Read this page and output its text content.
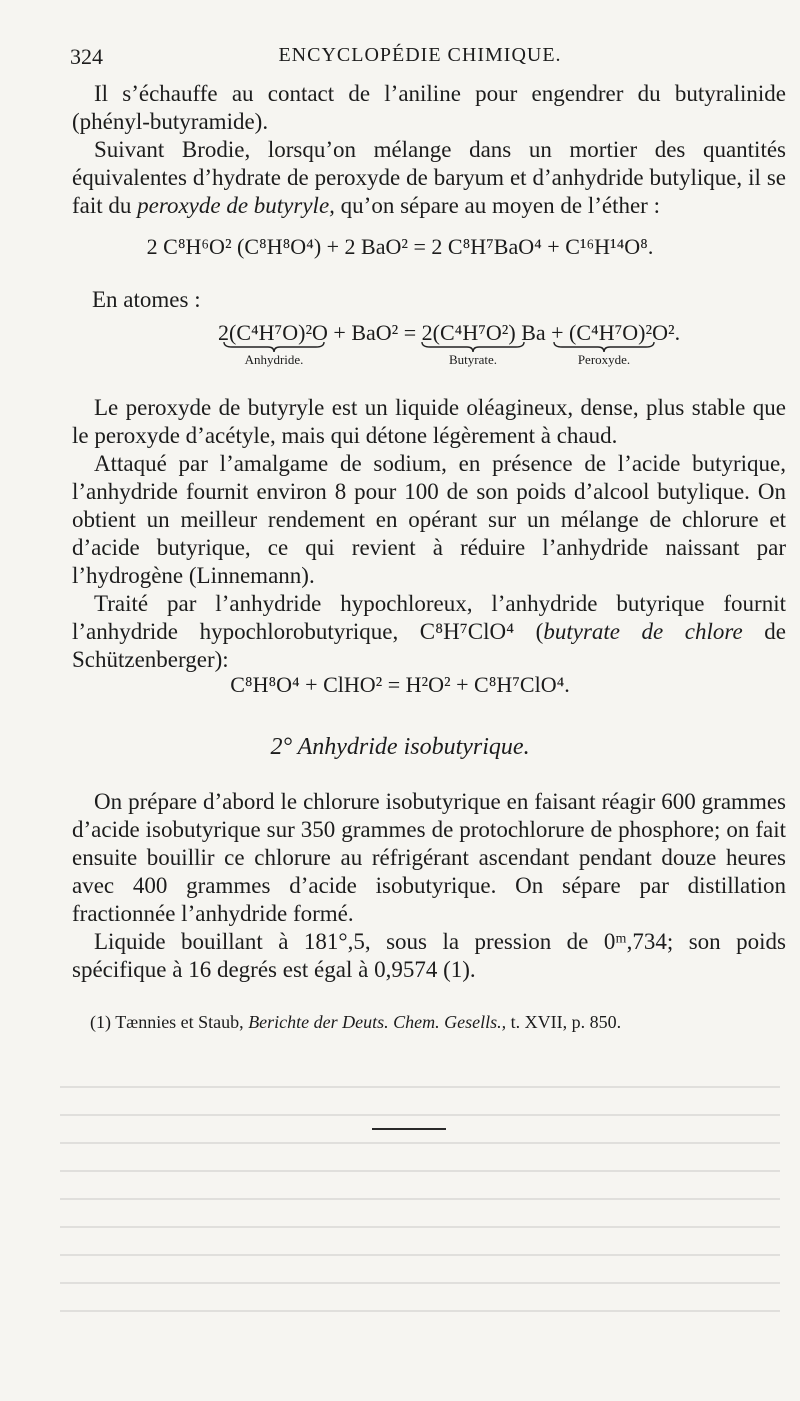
324	ENCYCLOPÉDIE CHIMIQUE.

Il s’échauffe au contact de l’aniline pour engendrer du butyralinide (phényl-butyramide).

Suivant Brodie, lorsqu’on mélange dans un mortier des quantités équivalentes d’hydrate de peroxyde de baryum et d’anhydride butylique, il se fait du peroxyde de butyryle, qu’on sépare au moyen de l’éther :

2 C⁸H⁶O² (C⁸H⁸O⁴) + 2 BaO² = 2 C⁸H⁷BaO⁴ + C¹⁶H¹⁴O⁸.
En atomes :
2(C⁴H⁷O)²O + BaO² = 2(C⁴H⁷O²) Ba + (C⁴H⁷O)²O².
Anhydride.	Butyrate.	Peroxyde.

Le peroxyde de butyryle est un liquide oléagineux, dense, plus stable que le peroxyde d’acétyle, mais qui détone légèrement à chaud.

Attaqué par l’amalgame de sodium, en présence de l’acide butyrique, l’anhydride fournit environ 8 pour 100 de son poids d’alcool butylique. On obtient un meilleur rendement en opérant sur un mélange de chlorure et d’acide butyrique, ce qui revient à réduire l’anhydride naissant par l’hydrogène (Linnemann).

Traité par l’anhydride hypochloreux, l’anhydride butyrique fournit l’anhydride hypochlorobutyrique, C⁸H⁷ClO⁴ (butyrate de chlore de Schützenberger):

C⁸H⁸O⁴ + ClHO² = H²O² + C⁸H⁷ClO⁴.
2° Anhydride isobutyrique.

On prépare d’abord le chlorure isobutyrique en faisant réagir 600 grammes d’acide isobutyrique sur 350 grammes de protochlorure de phosphore; on fait ensuite bouillir ce chlorure au réfrigérant ascendant pendant douze heures avec 400 grammes d’acide isobutyrique. On sépare par distillation fractionnée l’anhydride formé.

Liquide bouillant à 181°,5, sous la pression de 0ᵐ,734; son poids spécifique à 16 degrés est égal à 0,9574 (1).

(1) Tænnies et Staub, Berichte der Deuts. Chem. Gesells., t. XVII, p. 850.
